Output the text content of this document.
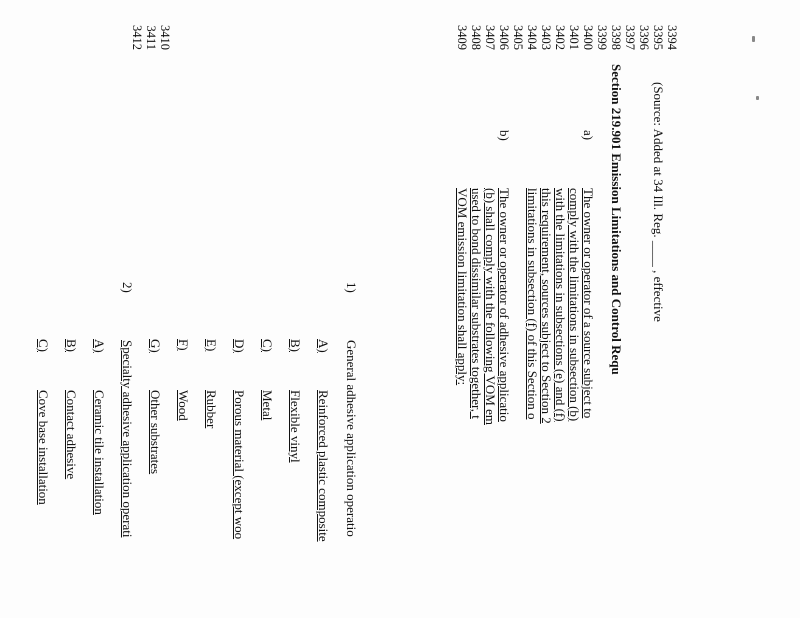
3394
3395
3396
3397
3398
3399
3400
3401
3402
3403
3404
3405
3406
3407
3408
3409
3410
3411
3412
(Source: Added at 34 Ill. Reg. ____ , effective
Section 219.901 Emission Limitations and Control Requ
a)
The owner or operator of a source subject to
comply with the limitations in subsection (b)
with the limitations in subsections (e) and (f)
this requirement, sources subject to Section 2
limitations in subsection (f) of this Section o
b)
The owner or operator of adhesive applicatio
(b) shall comply with the following VOM em
used to bond dissimilar substrates together, t
VOM emission limitation shall apply:
1)
General adhesive application operatio
A)
Reinforced plastic composite
B)
Flexible vinyl
C)
Metal
D)
Porous material (except woo
E)
Rubber
F)
Wood
G)
Other substrates
2)
Specialty adhesive application operati
A)
Ceramic tile installation
B)
Contact adhesive
C)
Cove base installation
